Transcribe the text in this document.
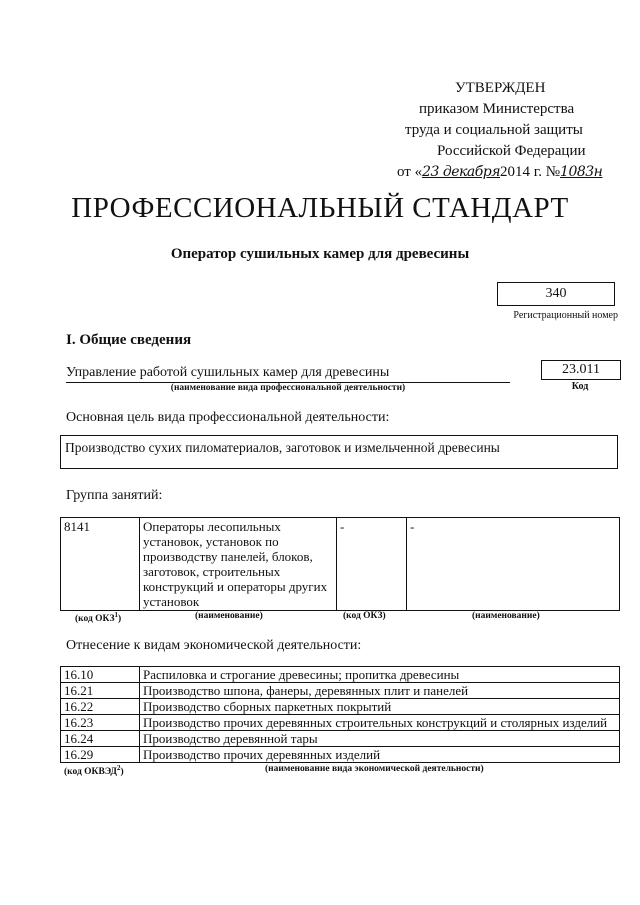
УТВЕРЖДЕН
приказом Министерства
труда и социальной защиты
Российской Федерации
от «23 декабря2014 г. №1083н
ПРОФЕССИОНАЛЬНЫЙ СТАНДАРТ
Оператор сушильных камер для древесины
340
Регистрационный номер
I. Общие сведения
Управление работой сушильных камер для древесины
(наименование вида профессиональной деятельности)
23.011
Код
Основная цель вида профессиональной деятельности:
Производство сухих пиломатериалов, заготовок и измельченной древесины
Группа занятий:
8141	Операторы лесопильных установок, установок по производству панелей, блоков, заготовок, строительных конструкций и операторы других установок	-	-
(код ОКЗ$^1$)	(наименование)	(код ОКЗ)	(наименование)
Отнесение к видам экономической деятельности:
16.10	Распиловка и строгание древесины; пропитка древесины
16.21	Производство шпона, фанеры, деревянных плит и панелей
16.22	Производство сборных паркетных покрытий
16.23	Производство прочих деревянных строительных конструкций и столярных изделий
16.24	Производство деревянной тары
16.29	Производство прочих деревянных изделий
(код ОКВЭД$^2$)	(наименование вида экономической деятельности)
